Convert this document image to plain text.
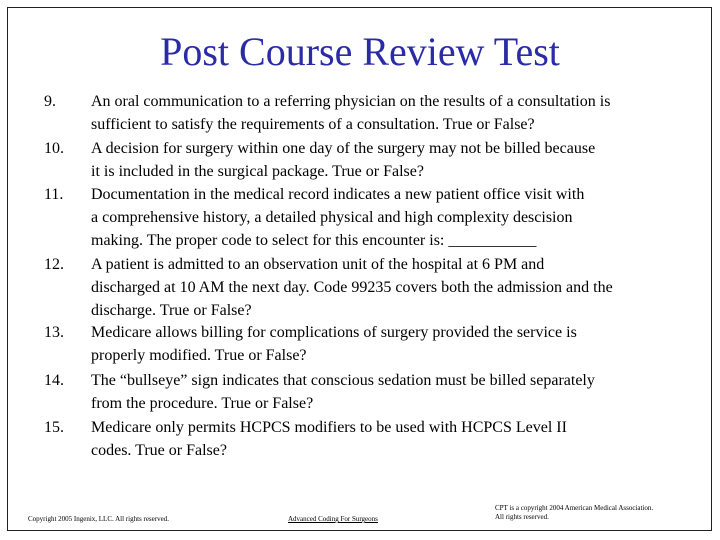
Post Course Review Test
9.	An oral communication to a referring physician on the results of a consultation is
sufficient to satisfy the requirements of a consultation. True or False?
10.	A decision for surgery within one day of the surgery may not be billed because
it is included in the surgical package. True or False?
11.	Documentation in the medical record indicates a new patient office visit with
a comprehensive history, a detailed physical and high complexity descision
making. The proper code to select for this encounter is: ___________
12.	A patient is admitted to an observation unit of the hospital at 6 PM and
discharged at 10 AM the next day. Code 99235 covers both the admission and the
discharge. True or False?
13.	Medicare allows billing for complications of surgery provided the service is
properly modified. True or False?
14.	The “bullseye” sign indicates that conscious sedation must be billed separately
from the procedure. True or False?
15.	Medicare only permits HCPCS modifiers to be used with HCPCS Level II
codes. True or False?
Copyright 2005 Ingenix, LLC. All rights reserved.	Advanced Coding For Surgeons
CPT is a copyright 2004 American Medical Association.
All rights reserved.
